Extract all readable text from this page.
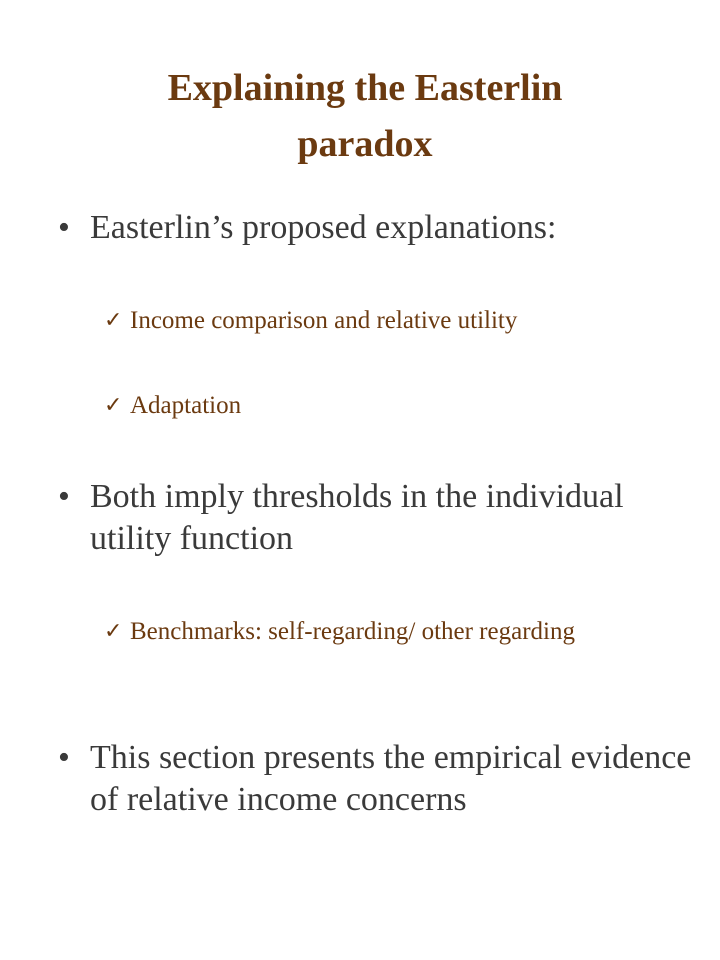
Explaining the Easterlin
paradox
• Easterlin’s proposed explanations:
✓ Income comparison and relative utility
✓ Adaptation
• Both imply thresholds in the individual utility function
✓ Benchmarks: self-regarding/ other regarding
• This section presents the empirical evidence of relative income concerns
